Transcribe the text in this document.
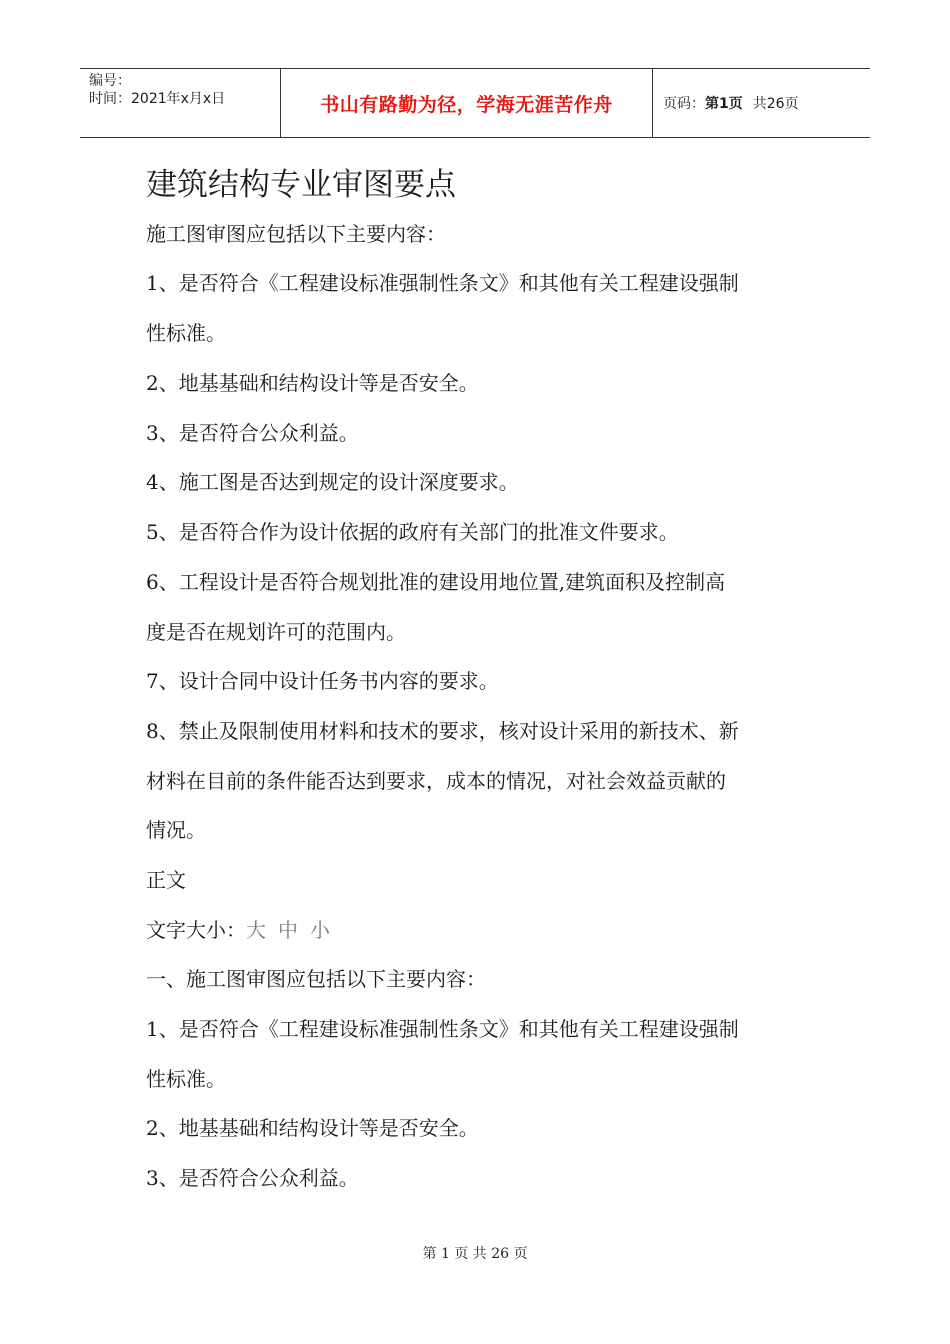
编号：
时间：2021年x月x日	书山有路勤为径，学海无涯苦作舟	页码： 第1页 共26页
建筑结构专业审图要点

施工图审图应包括以下主要内容：

1、是否符合《工程建设标准强制性条文》和其他有关工程建设强制

性标准。

2、地基基础和结构设计等是否安全。

3、是否符合公众利益。

4、施工图是否达到规定的设计深度要求。

5、是否符合作为设计依据的政府有关部门的批准文件要求。

6、工程设计是否符合规划批准的建设用地位置,建筑面积及控制高

度是否在规划许可的范围内。

7、设计合同中设计任务书内容的要求。

8、禁止及限制使用材料和技术的要求，核对设计采用的新技术、新

材料在目前的条件能否达到要求，成本的情况，对社会效益贡献的

情况。

正文

文字大小：大 中 小

一、施工图审图应包括以下主要内容：

1、是否符合《工程建设标准强制性条文》和其他有关工程建设强制

性标准。

2、地基基础和结构设计等是否安全。

3、是否符合公众利益。

第 1 页 共 26 页
